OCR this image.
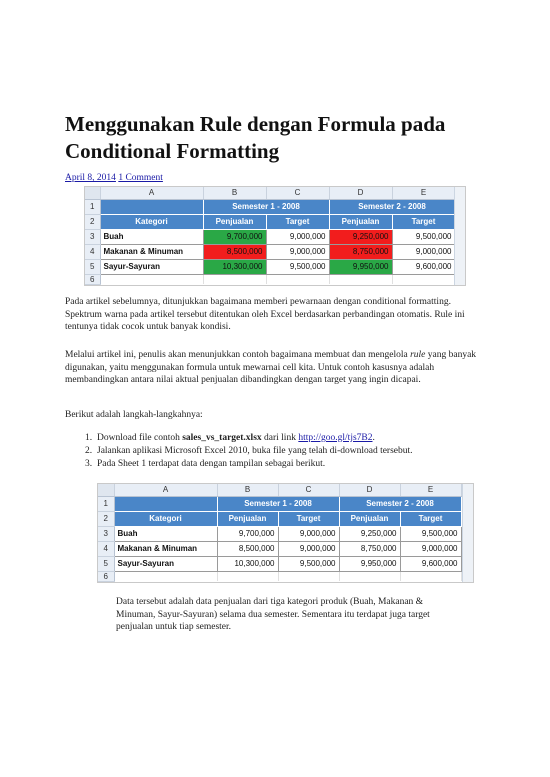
Menggunakan Rule dengan Formula pada Conditional Formatting
April 8, 2014 1 Comment
	A	B	C	D	E
1		Semester 1 - 2008		Semester 2 - 2008	
2	Kategori	Penjualan	Target	Penjualan	Target
3	Buah	9,700,000	9,000,000	9,250,000	9,500,000
4	Makanan & Minuman	8,500,000	9,000,000	8,750,000	9,000,000
5	Sayur-Sayuran	10,300,000	9,500,000	9,950,000	9,600,000
6					

Pada artikel sebelumnya, ditunjukkan bagaimana memberi pewarnaan dengan conditional formatting. Spektrum warna pada artikel tersebut ditentukan oleh Excel berdasarkan perbandingan otomatis. Rule ini tentunya tidak cocok untuk banyak kondisi.

Melalui artikel ini, penulis akan menunjukkan contoh bagaimana membuat dan mengelola rule yang banyak digunakan, yaitu menggunakan formula untuk mewarnai cell kita. Untuk contoh kasusnya adalah membandingkan antara nilai aktual penjualan dibandingkan dengan target yang ingin dicapai.

Berikut adalah langkah-langkahnya:

1. Download file contoh sales_vs_target.xlsx dari link http://goo.gl/tjs7B2.
2. Jalankan aplikasi Microsoft Excel 2010, buka file yang telah di-download tersebut.
3. Pada Sheet 1 terdapat data dengan tampilan sebagai berikut.
	A	B	C	D	E
1		Semester 1 - 2008		Semester 2 - 2008	
2	Kategori	Penjualan	Target	Penjualan	Target
3	Buah	9,700,000	9,000,000	9,250,000	9,500,000
4	Makanan & Minuman	8,500,000	9,000,000	8,750,000	9,000,000
5	Sayur-Sayuran	10,300,000	9,500,000	9,950,000	9,600,000
6					

Data tersebut adalah data penjualan dari tiga kategori produk (Buah, Makanan & Minuman, Sayur-Sayuran) selama dua semester. Sementara itu terdapat juga target penjualan untuk tiap semester.
